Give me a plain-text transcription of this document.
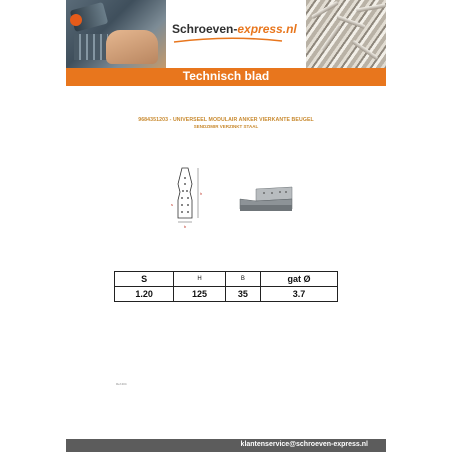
Schroeven-express.nl
Technisch blad
9684351203 - UNIVERSEEL MODULAIR ANKER VIERKANTE BEUGEL
SENDZIMIR VERZINKT STAAL
h
s
b
S	H	B	gat Ø
1.20	125	35	3.7
Ref:404
klantenservice@schroeven-express.nl
